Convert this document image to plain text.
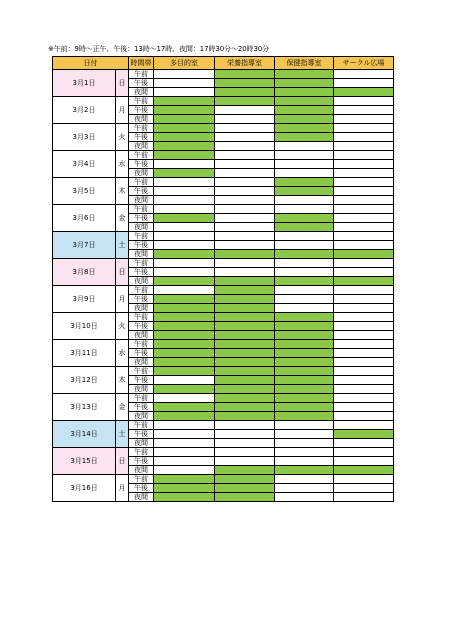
※午前：9時～正午、午後：13時～17時、夜間：17時30分～20時30分
日付		時間帯	多目的室	栄養指導室	保健指導室	サークル広場
3月1日	日	午前				
		午後				
		夜間				
3月2日	月	午前				
		午後				
		夜間				
3月3日	火	午前				
		午後				
		夜間				
3月4日	水	午前				
		午後				
		夜間				
3月5日	木	午前				
		午後				
		夜間				
3月6日	金	午前				
		午後				
		夜間				
3月7日	土	午前				
		午後				
		夜間				
3月8日	日	午前				
		午後				
		夜間				
3月9日	月	午前				
		午後				
		夜間				
3月10日	火	午前				
		午後				
		夜間				
3月11日	水	午前				
		午後				
		夜間				
3月12日	木	午前				
		午後				
		夜間				
3月13日	金	午前				
		午後				
		夜間				
3月14日	土	午前				
		午後				
		夜間				
3月15日	日	午前				
		午後				
		夜間				
3月16日	月	午前				
		午後				
		夜間				
